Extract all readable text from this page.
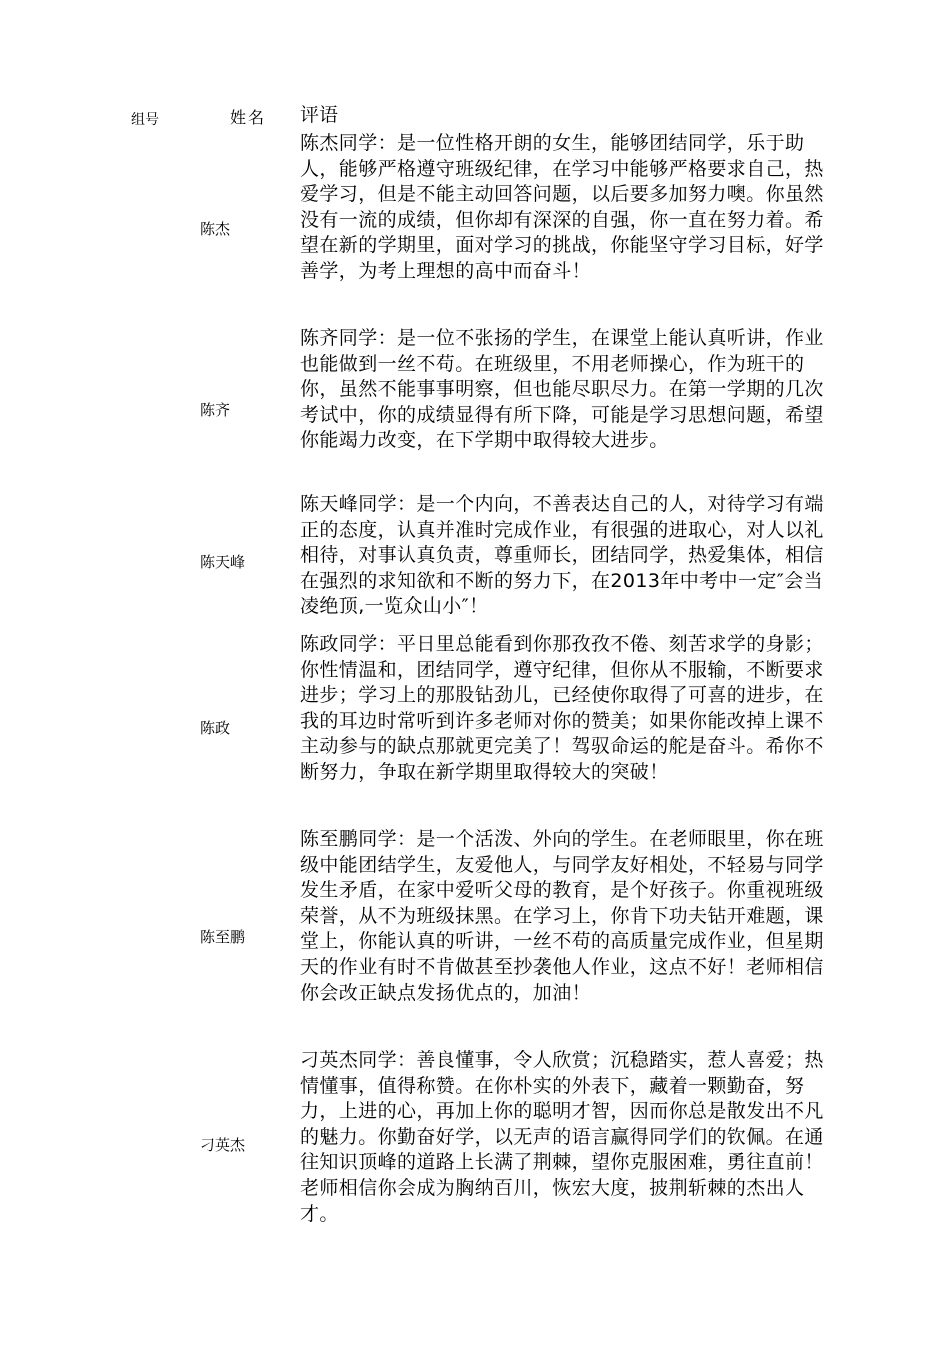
组号	姓名 评语
陈杰
陈杰同学：是一位性格开朗的女生，能够团结同学，乐于助人，能够严格遵守班级纪律，在学习中能够严格要求自己，热爱学习，但是不能主动回答问题，以后要多加努力噢。你虽然没有一流的成绩，但你却有深深的自强，你一直在努力着。希望在新的学期里，面对学习的挑战，你能坚守学习目标，好学善学，为考上理想的高中而奋斗！
陈齐
陈齐同学：是一位不张扬的学生，在课堂上能认真听讲，作业也能做到一丝不苟。在班级里，不用老师操心，作为班干的你，虽然不能事事明察，但也能尽职尽力。在第一学期的几次考试中，你的成绩显得有所下降，可能是学习思想问题，希望你能竭力改变，在下学期中取得较大进步。
陈天峰
陈天峰同学：是一个内向，不善表达自己的人，对待学习有端正的态度，认真并准时完成作业，有很强的进取心，对人以礼相待，对事认真负责，尊重师长，团结同学，热爱集体，相信在强烈的求知欲和不断的努力下，在2013年中考中一定″会当凌绝顶,一览众山小″！
陈政
陈政同学：平日里总能看到你那孜孜不倦、刻苦求学的身影；你性情温和，团结同学，遵守纪律，但你从不服输，不断要求进步；学习上的那股钻劲儿，已经使你取得了可喜的进步，在我的耳边时常听到许多老师对你的赞美；如果你能改掉上课不主动参与的缺点那就更完美了！驾驭命运的舵是奋斗。希你不断努力，争取在新学期里取得较大的突破！
陈至鹏
陈至鹏同学：是一个活泼、外向的学生。在老师眼里，你在班级中能团结学生，友爱他人，与同学友好相处，不轻易与同学发生矛盾，在家中爱听父母的教育，是个好孩子。你重视班级荣誉，从不为班级抹黑。在学习上，你肯下功夫钻开难题，课堂上，你能认真的听讲，一丝不苟的高质量完成作业，但星期天的作业有时不肯做甚至抄袭他人作业，这点不好！老师相信你会改正缺点发扬优点的，加油！
刁英杰
刁英杰同学：善良懂事，令人欣赏；沉稳踏实，惹人喜爱；热情懂事，值得称赞。在你朴实的外表下，藏着一颗勤奋，努力，上进的心，再加上你的聪明才智，因而你总是散发出不凡的魅力。你勤奋好学，以无声的语言赢得同学们的钦佩。在通往知识顶峰的道路上长满了荆棘，望你克服困难，勇往直前！老师相信你会成为胸纳百川，恢宏大度，披荆斩棘的杰出人才。
